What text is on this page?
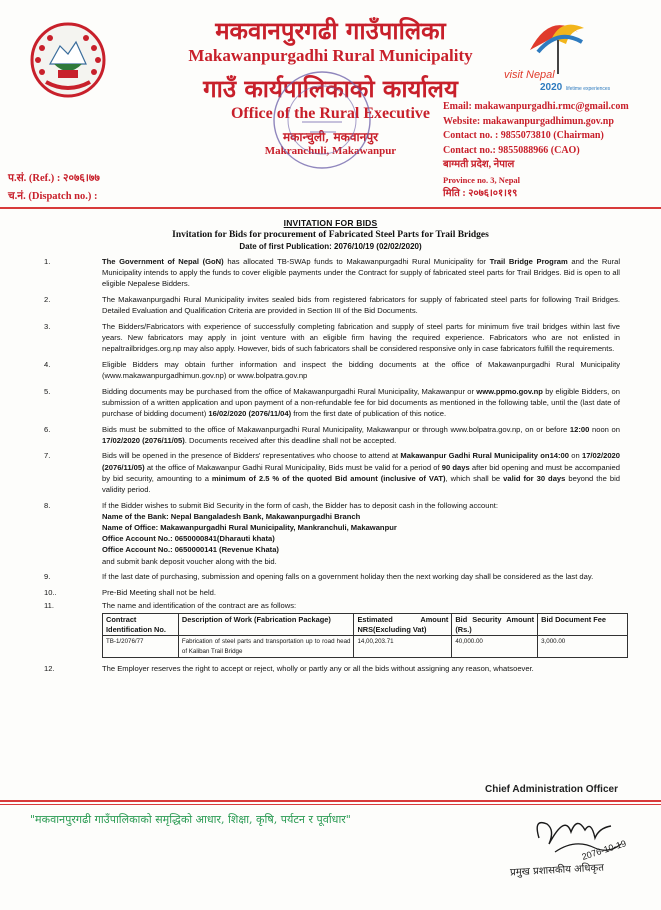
मकवानपुरगढी गाउँपालिका
Makawanpurgadhi Rural Municipality
गाउँ कार्यपालिकाको कार्यालय
Office of the Rural Executive
मकान्चुली, मकवानपुर
Makranchuli, Makawanpur
visit Nepal
2020 lifetime experiences
Email: makawanpurgadhi.rmc@gmail.com
Website: makawanpurgadhimun.gov.np
Contact no. : 9855073810 (Chairman)
Contact no.: 9855088966 (CAO)
बाग्मती प्रदेश, नेपाल
Province no. 3, Nepal
मिति : २०७६।०१।१९
प.सं. (Ref.) : २०७६।७७
च.नं. (Dispatch no.) :
INVITATION FOR BIDS
Invitation for Bids for procurement of Fabricated Steel Parts for Trail Bridges
Date of first Publication: 2076/10/19 (02/02/2020)
1.	The Government of Nepal (GoN) has allocated TB-SWAp funds to Makawanpurgadhi Rural Municipality for Trail Bridge Program and the Rural Municipality intends to apply the funds to cover eligible payments under the Contract for supply of fabricated steel parts for Trail Bridges. Bid is open to all eligible Nepalese Bidders.
2.	The Makawanpurgadhi Rural Municipality invites sealed bids from registered fabricators for supply of fabricated steel parts for following Trail Bridges. Detailed Evaluation and Qualification Criteria are provided in Section III of the Bid Documents.
3.	The Bidders/Fabricators with experience of successfully completing fabrication and supply of steel parts for minimum five trail bridges within last five years. New fabricators may apply in joint venture with an eligible firm having the required experience. Fabricators who are not enlisted in nepaltrailbridges.org.np may also apply. However, bids of such fabricators shall be considered responsive only in case fabricators fulfill the requirements.
4.	Eligible Bidders may obtain further information and inspect the bidding documents at the office of Makawanpurgadhi Rural Municipality (www.makawanpurgadhimun.gov.np) or www.bolpatra.gov.np
5.	Bidding documents may be purchased from the office of Makawanpurgadhi Rural Municipality, Makawanpur or www.ppmo.gov.np by eligible Bidders, on submission of a written application and upon payment of a non-refundable fee for bid documents as mentioned in the following table, until the (last date of purchase of bidding document) 16/02/2020 (2076/11/04) from the first date of publication of this notice.
6.	Bids must be submitted to the office of Makawanpurgadhi Rural Municipality, Makawanpur or through www.bolpatra.gov.np, on or before 12:00 noon on 17/02/2020 (2076/11/05). Documents received after this deadline shall not be accepted.
7.	Bids will be opened in the presence of Bidders' representatives who choose to attend at Makawanpur Gadhi Rural Municipality on14:00 on 17/02/2020 (2076/11/05) at the office of Makawanpur Gadhi Rural Municipality, Bids must be valid for a period of 90 days after bid opening and must be accompanied by bid security, amounting to a minimum of 2.5 % of the quoted Bid amount (inclusive of VAT), which shall be valid for 30 days beyond the bid validity period.
8.	If the Bidder wishes to submit Bid Security in the form of cash, the Bidder has to deposit cash in the following account:
Name of the Bank: Nepal Bangaladesh Bank, Makawanpurgadhi Branch
Name of Office: Makawanpurgadhi Rural Municipality, Mankranchuli, Makawanpur
Office Account No.: 0650000841(Dharauti khata)
Office Account No.: 0650000141 (Revenue Khata)
and submit bank deposit voucher along with the bid.
9.	If the last date of purchasing, submission and opening falls on a government holiday then the next working day shall be considered as the last day.
10..	Pre-Bid Meeting shall not be held.
11.	The name and identification of the contract are as follows:
Contract Identification No.	Description of Work (Fabrication Package)	Estimated Amount NRS(Excluding Vat)	Bid Security Amount (Rs.)	Bid Document Fee
TB-1/2076/77	Fabrication of steel parts and transportation up to road head of Kaliban Trail Bridge	14,00,203.71	40,000.00	3,000.00
12.	The Employer reserves the right to accept or reject, wholly or partly any or all the bids without assigning any reason, whatsoever.
Chief Administration Officer
"मकवानपुरगढी गाउँपालिकाको समृद्धिको आधार, शिक्षा, कृषि, पर्यटन र पूर्वाधार"
2076-10-19
प्रमुख प्रशासकीय अधिकृत
